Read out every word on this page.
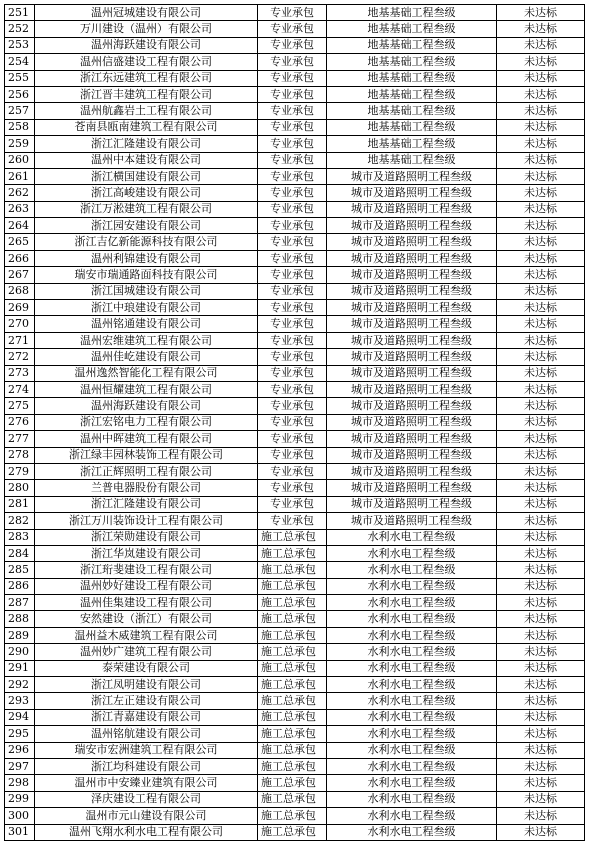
251	温州冠城建设有限公司	专业承包	地基基础工程叁级	未达标
252	万川建设（温州）有限公司	专业承包	地基基础工程叁级	未达标
253	温州海跃建设有限公司	专业承包	地基基础工程叁级	未达标
254	温州信盛建设工程有限公司	专业承包	地基基础工程叁级	未达标
255	浙江东远建筑工程有限公司	专业承包	地基基础工程叁级	未达标
256	浙江晋丰建筑工程有限公司	专业承包	地基基础工程叁级	未达标
257	温州航鑫岩土工程有限公司	专业承包	地基基础工程叁级	未达标
258	苍南县瓯南建筑工程有限公司	专业承包	地基基础工程叁级	未达标
259	浙江汇隆建设有限公司	专业承包	地基基础工程叁级	未达标
260	温州中本建设有限公司	专业承包	地基基础工程叁级	未达标
261	浙江横国建设有限公司	专业承包	城市及道路照明工程叁级	未达标
262	浙江高峻建设有限公司	专业承包	城市及道路照明工程叁级	未达标
263	浙江万淞建筑工程有限公司	专业承包	城市及道路照明工程叁级	未达标
264	浙江园安建设有限公司	专业承包	城市及道路照明工程叁级	未达标
265	浙江吉亿新能源科技有限公司	专业承包	城市及道路照明工程叁级	未达标
266	温州利锦建设有限公司	专业承包	城市及道路照明工程叁级	未达标
267	瑞安市瑞通路面科技有限公司	专业承包	城市及道路照明工程叁级	未达标
268	浙江国城建设有限公司	专业承包	城市及道路照明工程叁级	未达标
269	浙江中琅建设有限公司	专业承包	城市及道路照明工程叁级	未达标
270	温州铭通建设有限公司	专业承包	城市及道路照明工程叁级	未达标
271	温州宏维建筑工程有限公司	专业承包	城市及道路照明工程叁级	未达标
272	温州佳屹建设有限公司	专业承包	城市及道路照明工程叁级	未达标
273	温州逸然智能化工程有限公司	专业承包	城市及道路照明工程叁级	未达标
274	温州恒耀建筑工程有限公司	专业承包	城市及道路照明工程叁级	未达标
275	温州海跃建设有限公司	专业承包	城市及道路照明工程叁级	未达标
276	浙江宏铭电力工程有限公司	专业承包	城市及道路照明工程叁级	未达标
277	温州中晖建筑工程有限公司	专业承包	城市及道路照明工程叁级	未达标
278	浙江绿丰园林装饰工程有限公司	专业承包	城市及道路照明工程叁级	未达标
279	浙江正辉照明工程有限公司	专业承包	城市及道路照明工程叁级	未达标
280	兰普电器股份有限公司	专业承包	城市及道路照明工程叁级	未达标
281	浙江汇隆建设有限公司	专业承包	城市及道路照明工程叁级	未达标
282	浙江万川装饰设计工程有限公司	专业承包	城市及道路照明工程叁级	未达标
283	浙江荣勋建设有限公司	施工总承包	水利水电工程叁级	未达标
284	浙江华岚建设有限公司	施工总承包	水利水电工程叁级	未达标
285	浙江珩斐建设工程有限公司	施工总承包	水利水电工程叁级	未达标
286	温州妙好建设工程有限公司	施工总承包	水利水电工程叁级	未达标
287	温州佳集建设工程有限公司	施工总承包	水利水电工程叁级	未达标
288	安然建设（浙江）有限公司	施工总承包	水利水电工程叁级	未达标
289	温州益木威建筑工程有限公司	施工总承包	水利水电工程叁级	未达标
290	温州妙广建筑工程有限公司	施工总承包	水利水电工程叁级	未达标
291	泰荣建设有限公司	施工总承包	水利水电工程叁级	未达标
292	浙江凤明建设有限公司	施工总承包	水利水电工程叁级	未达标
293	浙江左正建设有限公司	施工总承包	水利水电工程叁级	未达标
294	浙江青嘉建设有限公司	施工总承包	水利水电工程叁级	未达标
295	温州铭航建设有限公司	施工总承包	水利水电工程叁级	未达标
296	瑞安市宏洲建筑工程有限公司	施工总承包	水利水电工程叁级	未达标
297	浙江均科建设有限公司	施工总承包	水利水电工程叁级	未达标
298	温州市中安臻业建筑有限公司	施工总承包	水利水电工程叁级	未达标
299	泽庆建设工程有限公司	施工总承包	水利水电工程叁级	未达标
300	温州市元山建设有限公司	施工总承包	水利水电工程叁级	未达标
301	温州飞翔水利水电工程有限公司	施工总承包	水利水电工程叁级	未达标
